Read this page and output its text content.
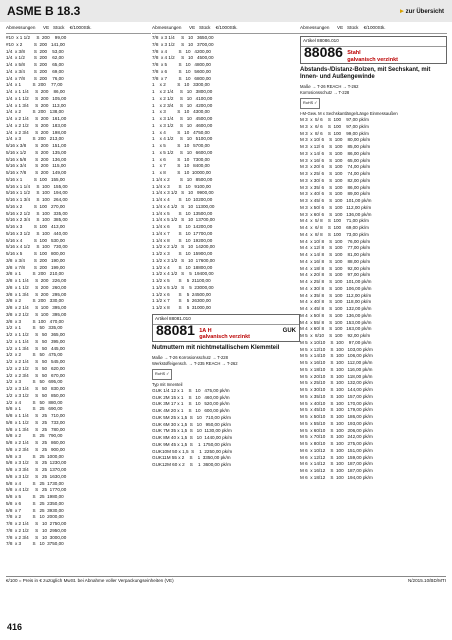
ASME B 18.3	▸ zur Übersicht
Abmessungen      VE   Stück    €/1000Stk.
#10  x 1 1/2     S  200    99,00
#10  x 2         S  200   141,00
1/4  x 3/8       S  200    53,00
1/4  x 1/2       S  200    62,00
1/4  x 5/8       S  200    65,00
1/4  x 3/4       S  200    69,00
1/4  x 7/8       S  200    76,00
1/4  x 1         S  200    77,00
1/4  x 1 1/4     S  200    86,00
1/4  x 1 1/2     S  200   105,00
1/4  x 1 3/4     S  200   113,00
1/4  x 2         S  200   138,00
1/4  x 2 1/4     S  200   161,00
1/4  x 2 1/2     S  200   183,00
1/4  x 2 3/4     S  200   198,00
1/4  x 3         S  200   213,00
5/16 x 3/8       S  200   151,00
5/16 x 1/2       S  200   135,00
5/16 x 5/8       S  200   136,00
5/16 x 3/4       S  200   115,00
5/16 x 7/8       S  200   149,00
5/16 x 1         S  100   155,00
5/16 x 1 1/4     S  100   155,00
5/16 x 1 1/2     S  100   194,00
5/16 x 1 3/4     S  100   264,00
5/16 x 2         S  100   270,00
5/16 x 2 1/2     S  100   335,00
5/16 x 2 3/4     S  100   385,00
5/16 x 3         S  100   413,00
5/16 x 3 1/2     S  100   440,00
5/16 x 4         S  100   530,00
5/16 x 4 1/2     S  100   730,00
5/16 x 5         S  100   800,00
3/8  x 3/4       S  200   190,00
3/8  x 7/8       S  200   199,00
3/8  x 1         S  200   210,00
3/8  x 1 1/4     S  200   226,00
3/8  x 1 1/2     S  200   260,00
3/8  x 1 3/4     S  200   295,00
3/8  x 2         S  200   330,00
3/8  x 2 1/4     S  100   395,00
3/8  x 2 1/2     S  100   395,00
3/8  x 3         S  100   470,00
1/2  x 1         S   50   335,00
1/2  x 1 1/2     S   50   365,00
1/2  x 1 1/4     S   50   395,00
1/2  x 1 3/4     S   50   445,00
1/2  x 2         S   50   475,00
1/2  x 2 1/4     S   50   545,00
1/2  x 2 1/2     S   50   620,00
1/2  x 2 3/4     S   50   670,00
1/2  x 3         S   50   695,00
1/2  x 3 1/4     S   50   830,00
1/2  x 3 1/2     S   50   850,00
1/2  x 4         S   50   880,00
5/8  x 1         S   25   690,00
5/8  x 1 1/4     S   25   710,00
5/8  x 1 1/2     S   25   733,00
5/8  x 1 3/4     S   25   780,00
5/8  x 2         S   25   790,00
5/8  x 2 1/4     S   25   860,00
5/8  x 2 3/4     S   25   900,00
5/8  x 3         S   25  1000,00
5/8  x 3 1/2     S   25  1230,00
5/8  x 3 3/4     S   25  1370,00
5/8  x 3 1/2     S   25  1630,00
5/8  x 4         S   25  1730,00
5/8  x 4 1/2     S   25  1770,00
5/8  x 5         S   25  1980,00
5/8  x 6         S   25  2350,00
5/8  x 7         S   25  3930,00
7/8  x 2         S   10  2000,00
7/8  x 2 1/4     S   10  2750,00
7/8  x 2 1/2     S   10  2950,00
7/8  x 2 3/4     S   10  3000,00
7/8  x 3         S   10  3750,00
Abmessungen      VE   Stück    €/1000Stk.
7/8  x 3 1/4     S   10   3650,00
7/8  x 3 1/2     S   10   3700,00
7/8  x 4         S   10   4200,00
7/8  x 4 1/2     S   10   4500,00
7/8  x 5         S   10   4800,00
7/8  x 6         S   10   5600,00
7/8  x 7         S   10   6800,00
1    x 2         S   10   3300,00
1    x 2 1/4     S   10   3800,00
1    x 2 1/2     S   10   4100,00
1    x 2 3/4     S   10   4200,00
1    x 3         S   10   4300,00
1    x 3 1/4     S   10   4500,00
1    x 3 1/2     S   10   4600,00
1    x 4         S   10   4750,00
1    x 4 1/2     S   10   5100,00
1    x 5         S   10   5700,00
1    x 5 1/2     S   10   6600,00
1    x 6         S   10   7300,00
1    x 7         S   10   8400,00
1    x 8         S   10  10000,00
1 1/4 x 2        S   10   8500,00
1 1/4 x 3       S   10   9100,00
1 1/4 x 3 1/2   S   10   9900,00
1 1/4 x 4       S   10  10200,00
1 1/4 x 4 1/2   S   10  11300,00
1 1/4 x 5       S   10  13500,00
1 1/4 x 5 1/2   S   10  13700,00
1 1/4 x 6       S   10  14200,00
1 1/4 x 7       S   10  17700,00
1 1/4 x 8       S   10  19200,00
1 1/2 x 2 1/2   S   10  14200,00
1 1/2 x 3       S   10  15900,00
1 1/2 x 3 1/2   S   10  17600,00
1 1/2 x 4       S   10  18800,00
1 1/2 x 4 1/2   S    5  19400,00
1 1/2 x 5       S    5  21100,00
1 1/2 x 5 1/2   S    5  23000,00
1 1/2 x 6       S    5  24500,00
1 1/2 x 7       S    5  26300,00
1 1/2 x 8       S    5  31000,00
Artikel 88081.010
88081 1A H
galvanisch verzinkt
GUK
Nutmuttern mit nichtmetallischem Klemmteil
Maße → T-26 Korrosionsschutz → T-228
Werkstoffeigensch. → T-235 REACH → T-262
RoHS ✓
Typ mit Innenteil
GUK 1/4 12 x 1    S   10   475,00 pk/m
GUK 2M 15 x 1    S   10   460,00 pk/m
GUK 3M 17 x 1    S   10   520,00 pk/m
GUK 4M 20 x 1    S   10   600,00 pk/m
GUK 5M 25 x 1,5  S   10   710,00 pk/m
GUK 6M 30 x 1,5  S   10   950,00 pk/m
GUK 7M 35 x 1,5  S   10  1130,00 pk/m
GUK 8M 40 x 1,5  S   10  1440,00 pk/m
GUK 9M 45 x 1,5  S    1  1750,00 pk/m
GUK10M 50 x 1,5  S    1  2250,00 pk/m
GUK11M 55 x 2    S    1  3350,00 pk/m
GUK12M 60 x 2    S    1  3600,00 pk/m
Abmessungen      VE   Stück    €/1000Stk.
Artikel 88086.010
88086 Stahl
galvanisch verzinkt
Abstands-/Distanz-Bolzen, mit Sechskant, mit Innen- und Außengewinde
Maße → T-26 REACH → T-262
Korrosionsschutz → T-228
RoHS ✓
I-M-Gew. M x Sechskantlänge/Länge Einmessaußen
M 3  x  5/ 6    S  100    97,00 pk/m
M 3  x  6/ 6    S  100    97,00 pk/m
M 3  x  8/ 6    S  100    99,00 pk/m
M 3  x 10/ 6    S  100    80,00 pk/m
M 3  x 12/ 6    S  100    85,00 pk/m
M 3  x 14/ 6    S  100    86,00 pk/m
M 3  x 16/ 6    S  100    65,00 pk/m
M 3  x 20/ 6    S  100    74,00 pk/m
M 3  x 25/ 6    S  100    74,00 pk/m
M 3  x 30/ 6    S  100    82,00 pk/m
M 3  x 35/ 6    S  100    86,00 pk/m
M 3  x 40/ 6    S  100    89,00 pk/m
M 3  x 45/ 6    S  100   101,00 pk/m
M 3  x 50/ 6    S  100   112,00 pk/m
M 3  x 60/ 6    S  100   136,00 pk/m
M 4  x  5/ 8    S  100    71,00 pk/m
M 4  x  6/ 8    S  100    69,00 pk/m
M 4  x  8/ 8    S  100    73,00 pk/m
M 4  x 10/ 8    S  100    76,00 pk/m
M 4  x 12/ 8    S  100    77,00 pk/m
M 4  x 14/ 8    S  100    81,00 pk/m
M 4  x 16/ 8    S  100    88,00 pk/m
M 4  x 18/ 8    S  100    92,00 pk/m
M 4  x 20/ 8    S  100    97,00 pk/m
M 4  x 25/ 8    S  100   101,00 pk/m
M 4  x 30/ 8    S  100   106,00 pk/m
M 4  x 35/ 8    S  100   112,00 pk/m
M 4  x 40/ 8    S  100   118,00 pk/m
M 4  x 45/ 8    S  100   132,00 pk/m
M 4  x 50/ 8    S  100   136,00 pk/m
M 4  x 55/ 8    S  100   153,00 pk/m
M 4  x 60/ 8    S  100   163,00 pk/m
M 5  x  8/10    S  100    92,00 pk/m
M 5  x 10/10    S  100    97,00 pk/m
M 5  x 12/10    S  100   103,00 pk/m
M 5  x 14/10    S  100   106,00 pk/m
M 5  x 16/10    S  100   112,00 pk/m
M 5  x 18/10    S  100   116,00 pk/m
M 5  x 20/10    S  100   118,00 pk/m
M 5  x 25/10    S  100   132,00 pk/m
M 5  x 30/10    S  100   144,00 pk/m
M 5  x 35/10    S  100   157,00 pk/m
M 5  x 40/10    S  100   170,00 pk/m
M 5  x 45/10    S  100   179,00 pk/m
M 5  x 50/10    S  100   186,00 pk/m
M 5  x 55/10    S  100   193,00 pk/m
M 5  x 60/10    S  100   206,00 pk/m
M 5  x 70/10    S  100   242,00 pk/m
M 5  x 80/10    S  100   275,00 pk/m
M 6  x 10/12    S  100   151,00 pk/m
M 6  x 12/12    S  100   159,00 pk/m
M 6  x 14/12    S  100   187,00 pk/m
M 6  x 16/12    S  100   187,00 pk/m
M 6  x 18/12    S  100   194,00 pk/m
€/100 = Preis in € zuzüglich MwSt. bei Abnahme voller Verpackungseinheiten (VE)	N/2015.10/BD/MTI
416
